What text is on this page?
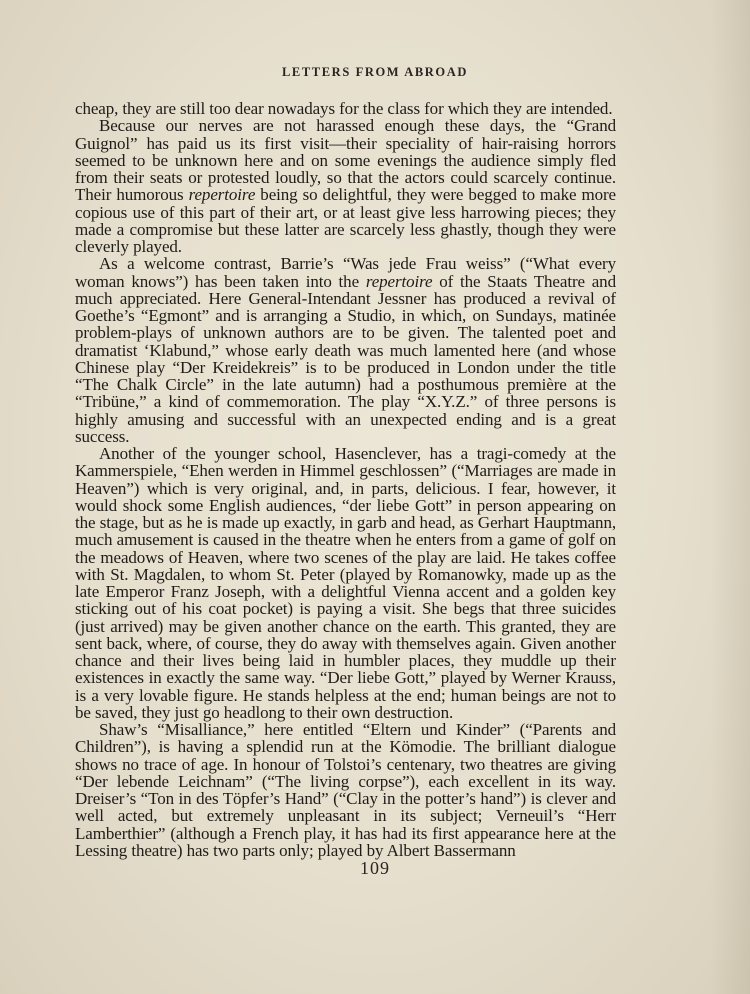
LETTERS FROM ABROAD

cheap, they are still too dear nowadays for the class for which they are intended.

Because our nerves are not harassed enough these days, the “Grand Guignol” has paid us its first visit—their speciality of hair-raising horrors seemed to be unknown here and on some evenings the audience simply fled from their seats or protested loudly, so that the actors could scarcely continue. Their humorous repertoire being so delightful, they were begged to make more copious use of this part of their art, or at least give less harrowing pieces; they made a compromise but these latter are scarcely less ghastly, though they were cleverly played.

As a welcome contrast, Barrie’s “Was jede Frau weiss” (“What every woman knows”) has been taken into the repertoire of the Staats Theatre and much appreciated. Here General-Intendant Jessner has produced a revival of Goethe’s “Egmont” and is arranging a Studio, in which, on Sundays, matinée problem-plays of unknown authors are to be given. The talented poet and dramatist ‘Klabund,” whose early death was much lamented here (and whose Chinese play “Der Kreidekreis” is to be produced in London under the title “The Chalk Circle” in the late autumn) had a posthumous première at the “Tribüne,” a kind of commemoration. The play “X.Y.Z.” of three persons is highly amusing and successful with an unexpected ending and is a great success.

Another of the younger school, Hasenclever, has a tragi-comedy at the Kammerspiele, “Ehen werden in Himmel geschlossen” (“Marriages are made in Heaven”) which is very original, and, in parts, delicious. I fear, however, it would shock some English audiences, “der liebe Gott” in person appearing on the stage, but as he is made up exactly, in garb and head, as Gerhart Hauptmann, much amusement is caused in the theatre when he enters from a game of golf on the meadows of Heaven, where two scenes of the play are laid. He takes coffee with St. Magdalen, to whom St. Peter (played by Romanowky, made up as the late Emperor Franz Joseph, with a delightful Vienna accent and a golden key sticking out of his coat pocket) is paying a visit. She begs that three suicides (just arrived) may be given another chance on the earth. This granted, they are sent back, where, of course, they do away with themselves again. Given another chance and their lives being laid in humbler places, they muddle up their existences in exactly the same way. “Der liebe Gott,” played by Werner Krauss, is a very lovable figure. He stands helpless at the end; human beings are not to be saved, they just go headlong to their own destruction.

Shaw’s “Misalliance,” here entitled “Eltern und Kinder” (“Parents and Children”), is having a splendid run at the Kömodie. The brilliant dialogue shows no trace of age. In honour of Tolstoi’s centenary, two theatres are giving “Der lebende Leichnam” (“The living corpse”), each excellent in its way. Dreiser’s “Ton in des Töpfer’s Hand” (“Clay in the potter’s hand”) is clever and well acted, but extremely unpleasant in its subject; Verneuil’s “Herr Lamberthier” (although a French play, it has had its first appearance here at the Lessing theatre) has two parts only; played by Albert Bassermann

109
